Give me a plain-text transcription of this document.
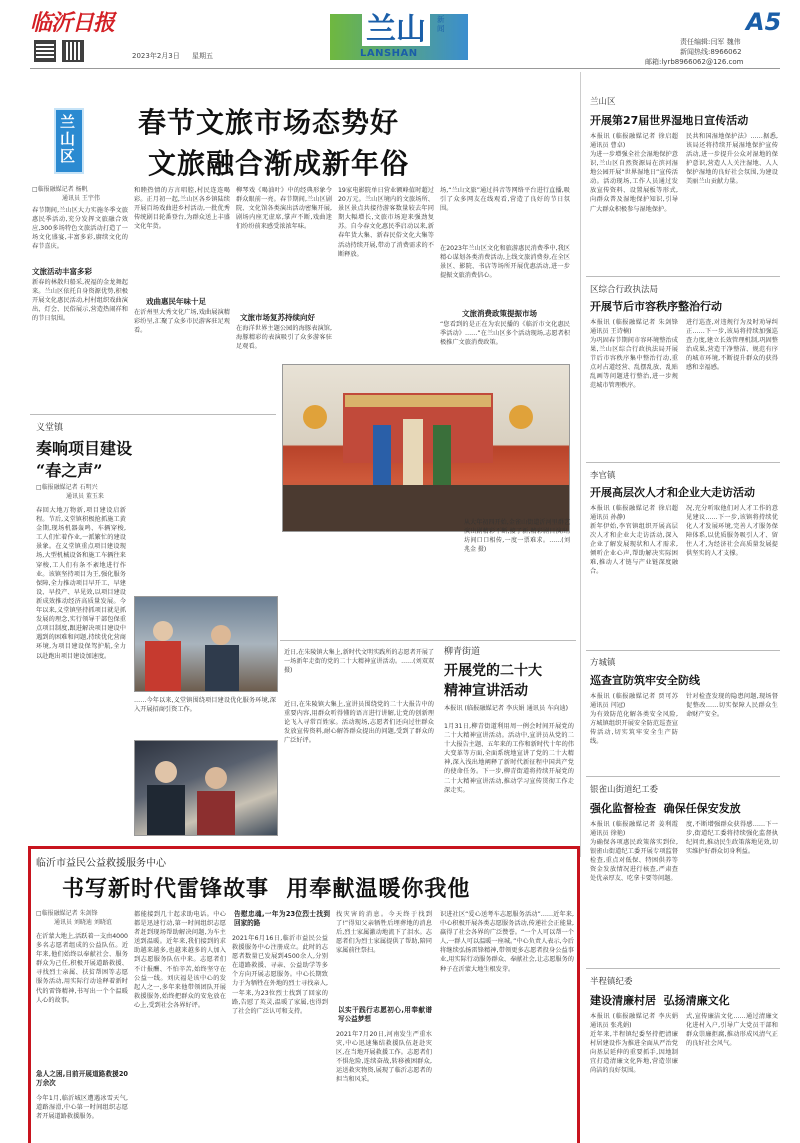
临沂日报
2023年2月3日 星期五
兰山	新闻
LANSHAN
A5
责任编辑:闫军 魏伟
新闻热线:8966062
邮箱:lyrb8966062@126.com
兰山区
春节文旅市场态势好
文旅融合渐成新年俗
□临报融媒记者 杨帆
通讯员 王宇伟
春节期间,兰山区大力实施冬季文旅惠民季活动,充分发挥文旅融合效应,300多场特色文旅活动打造了一场文化盛宴,丰富多彩,赓续文化的春节喜庆。
文旅活动丰富多彩
新春的林散归船采,祝福的金龙舞起来。兰山区依托自身资源优势,积极开展文化惠民活动,村村组织戏曲演出、灯会、民俗展示,营造热闹祥和的节日氛围。
和睦热情的方言唱腔,村民连连喝彩。正月初一起,兰山区各乡镇陆续开展百场戏曲进乡村活动,一批优秀传统剧目轮番登台,为群众送上丰盛文化年货。
戏曲惠民年味十足
在沂州里大秀文化广场,戏曲展演精彩纷呈,汇聚了众多市民游客驻足观看。
柳琴戏《喝油叶》中的经典形象令群众眼前一亮。春节期间,兰山区剧院、文化馆各类演出活动密集开展,剧场内座无虚席,掌声不断,戏曲迷们纷纷前来感受浓浓年味。
文旅市场复苏持续向好
在海洋世界主题公园的海豚表演馆,海豚精彩的表演吸引了众多游客驻足观看。
19家电影院单日营业额峰值时超过20万元。兰山区境内的文旅场所、景区景点共接待游客数量较去年同期大幅增长,文旅市场迎来强劲复苏。自今春文化惠民季启动以来,新春年货大集、新春民俗文化大集等活动持续开展,带动了消费需求的不断释放。
场,“兰山文旅”通过抖音等网络平台进行直播,吸引了众多网友在线观看,营造了良好的节日氛围。
在2023年兰山区文化和旅游惠民消费季中,我区精心谋划各类消费活动,上线文旅消费券,在全区景区、影院、书店等场所开展优惠活动,进一步提振文旅消费信心。
文旅消费政策提振市场
“您看到的是正在为农民播的《临沂市文化惠民季活动》……”在兰山区多个活动现场,志愿者积极推广文旅消费政策。
从大年初四开始,金雀山街道沂河里群艺演出剧精彩不断,接了新,精彩剧目演出,坊间口口相传,一度一票难求。……(刘兆金 摄)
义堂镇
奏响项目建设
“春之声”
□临报融媒记者 石明兴
通讯员 董玉来
春回大地万物新,项目建设启新程。节后,义堂镇积极抢抓施工黄金期,现场机器轰鸣、车辆穿梭,工人们忙着作业,一派繁忙的建设景象。在义堂镇重点项目建设现场,大型机械设备和施工车辆往来穿梭,工人们有条不紊地进行作业。该镇坚持项目为王,强化服务保障,全力推动项目早开工、早建设、早投产、早见效,以项目建设新成效推动经济高质量发展。今年以来,义堂镇坚持抓项目就是抓发展的理念,实行领导干部包保重点项目制度,跟进解决项目建设中遇到的困难和问题,持续优化营商环境,为项目建设保驾护航,全力以赴跑出项目建设加速度。
……今年以来,义堂镇围绕项目建设优化服务环境,深入开展招商引资工作。
近日,在朱陵镇大集上,新时代文明实践所的志愿者开展了一场新年走街的党的二十大精神宣讲活动。……(刘双双 摄)
柳青街道
开展党的二十大
精神宣讲活动
本报讯 (临报融媒记者 李庆娟 通讯员 车向迪)
1月31日,柳青街道利用周一例会时间开展党的二十大精神宣讲活动。活动中,宣讲员从党的二十大报告主题、五年来的工作和新时代十年的伟大变革等方面,全面系统地宣讲了党的二十大精神,深入浅出地阐释了新时代新征程中国共产党的使命任务。下一步,柳青街道将持续开展党的二十大精神宣讲活动,推动学习宣传贯彻工作走深走实。
近日,在朱陵镇大集上,宣讲员围绕党的二十大报告中的重要内容,用群众听得懂的语言进行讲解,让党的创新理论飞入寻常百姓家。活动现场,志愿者们还向过往群众发放宣传资料,耐心解答群众提出的问题,受到了群众的广泛好评。
临沂市益民公益救援服务中心
书写新时代雷锋故事  用奉献温暖你我他
□临报融媒记者 朱剑锋
通讯员 刘晓迪 刘晓谊
在沂蒙大地上,活跃着一支由4000多名志愿者组成的公益队伍。近年来,他们始终以奉献社会、服务群众为己任,积极开展道路救援、寻找烈士亲属、扶贫帮困等志愿服务活动,用实际行动诠释着新时代的雷锋精神,书写出一个个温暖人心的故事。
急人之困,目前开展道路救援20万余次
今年1月,临沂城区遭遇冰雪天气,道路湿滑,中心第一时间组织志愿者开展道路救援服务。
都能接到几十起求助电话。中心都是迅速行动,第一时间组织志愿者赶到现场帮助解决问题,为车主送到温暖。近年来,我们接到的求助越来越多,也越来越多的人加入到志愿服务队伍中来。志愿者们不计报酬、不怕辛苦,始终坚守在公益一线。刘庆福是该中心的发起人之一,多年来他带领团队开展救援服务,始终把群众的安危放在心上,受到社会各界好评。
告慰忠魂,一年为23位烈士找到回家的路
2021年6月16日,临沂市益民公益救援服务中心注册成立。此时的志愿者数量已发展到4500余人,分别在道路救援、寻亲、公益助学等多个方向开展志愿服务。中心长期致力于为牺牲在外地的烈士寻找亲人,一年来,为23位烈士找到了回家的路,告慰了英灵,温暖了家属,也得到了社会的广泛认可和支持。
找灾害的消息。今天终于找到了!”得知父亲牺牲后埋葬地的消息后,烈士家属激动地流下了泪水。志愿者们为烈士家属提供了帮助,陪同家属前往祭扫。
以实干践行志愿初心,用奉献谱写公益梦想
2021年7月20日,河南发生严重水灾,中心迅速集结救援队伍赶赴灾区,在当地开展救援工作。志愿者们不惧危险,连续奋战,转移被困群众,运送救灾物资,展现了临沂志愿者的担当和风采。
识进社区“爱心送考车志愿服务活动”……近年来,中心积极开展各类志愿服务活动,传递社会正能量,赢得了社会各界的广泛赞誉。“一个人可以帮一个人,一群人可以温暖一座城。”中心负责人表示,今后将继续弘扬雷锋精神,带领更多志愿者投身公益事业,用实际行动服务群众、奉献社会,让志愿服务的种子在沂蒙大地生根发芽。
兰山区
开展第27届世界湿地日宣传活动
本报讯 (临报融媒记者 徐启超 通讯员 曹卓)
为进一步增强全社会湿地保护意识,兰山区自然资源局在滨河湿地公园开展“世界湿地日”宣传活动。活动现场,工作人员通过发放宣传资料、设置展板等形式,向群众普及湿地保护知识,引导广大群众积极参与湿地保护。
民共和国湿地保护法》……据悉,该局还将持续开展湿地保护宣传活动,进一步提升公众对湿地的保护意识,营造人人关注湿地、人人保护湿地的良好社会氛围,为建设美丽兰山贡献力量。
区综合行政执法局
开展节后市容秩序整治行动
本报讯 (临报融媒记者 朱剑锋 通讯员 王诗楠)
为巩固春节期间市容环境整治成果,兰山区综合行政执法局开展节后市容秩序集中整治行动,重点对占道经营、乱摆乱放、乱贴乱画等问题进行整治,进一步规范城市管理秩序。
进行巡查,对违规行为及时劝导纠正……下一步,该局将持续加强巡查力度,建立长效管理机制,巩固整治成果,营造干净整洁、规范有序的城市环境,不断提升群众的获得感和幸福感。
李官镇
开展高层次人才和企业大走访活动
本报讯 (临报融媒记者 徐启超 通讯员 孙静)
新年伊始,李官镇组织开展高层次人才和企业大走访活动,深入企业了解发展现状和人才需求,倾听企业心声,帮助解决实际困难,推动人才链与产业链深度融合。
况,充分听取他们对人才工作的意见建议……下一步,该镇将持续优化人才发展环境,完善人才服务保障体系,以优质服务吸引人才、留住人才,为经济社会高质量发展提供坚实的人才支撑。
方城镇
巡查宣防筑牢安全防线
本报讯 (临报融媒记者 贾可苏 通讯员 闫冠)
为有效防范化解各类安全风险,方城镇组织开展安全防范巡查宣传活动,切实筑牢安全生产防线。
针对检查发现的隐患问题,现场督促整改……切实保障人民群众生命财产安全。
银雀山街道纪工委
强化监督检查  确保任保安发放
本报讯 (临报融媒记者 姜利霞 通讯员 徐艳)
为确保各项惠民政策落实到位,银雀山街道纪工委开展专项监督检查,重点对低保、特困供养等资金发放情况进行核查,严肃查处优亲厚友、吃拿卡要等问题。
度,不断增强群众获得感……下一步,街道纪工委将持续强化监督执纪问责,推动民生政策落地见效,切实维护好群众切身利益。
半程镇纪委
建设清廉村居  弘扬清廉文化
本报讯 (临报融媒记者 李庆娟 通讯员 张兆娟)
近年来,半程镇纪委坚持把清廉村居建设作为推进全面从严治党向基层延伸的重要抓手,因地制宜打造清廉文化阵地,营造崇廉尚洁的良好氛围。
式,宣传廉洁文化……通过清廉文化进村入户,引导广大党员干部和群众崇廉拒腐,推动形成风清气正的良好社会风气。
